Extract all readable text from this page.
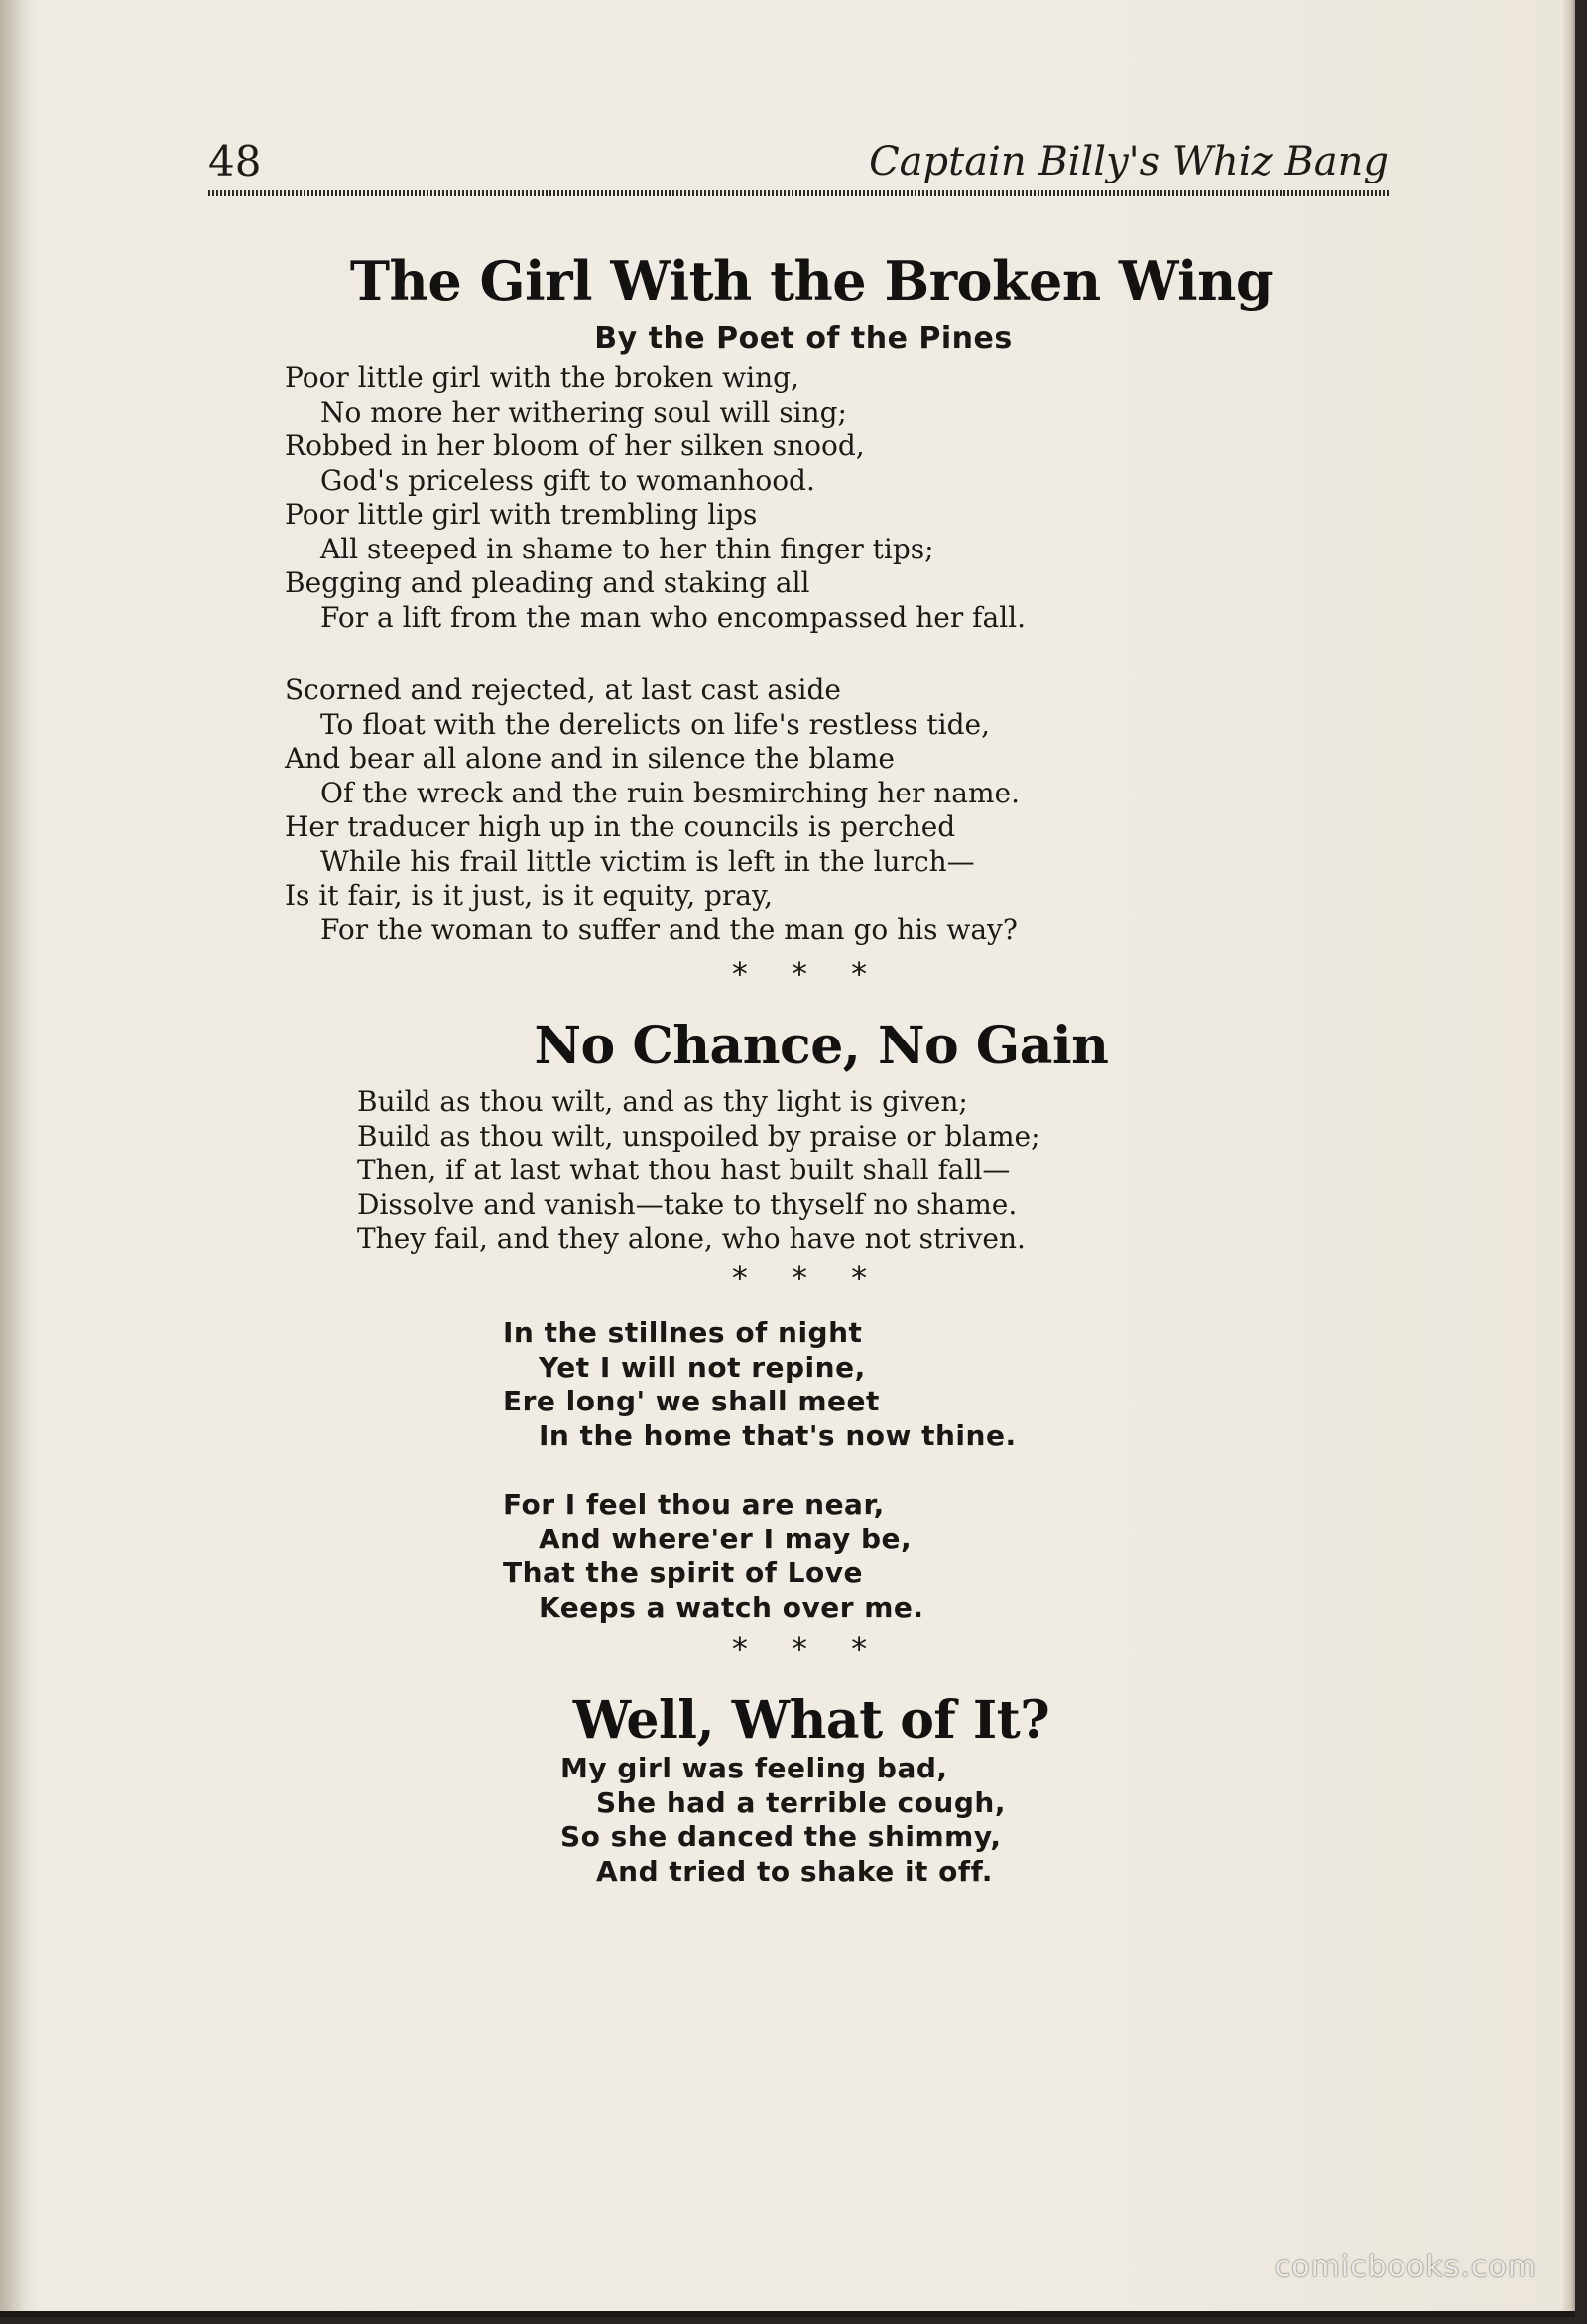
48	Captain Billy's Whiz Bang
The Girl With the Broken Wing
By the Poet of the Pines
Poor little girl with the broken wing,
No more her withering soul will sing;
Robbed in her bloom of her silken snood,
God's priceless gift to womanhood.
Poor little girl with trembling lips
All steeped in shame to her thin finger tips;
Begging and pleading and staking all
For a lift from the man who encompassed her fall.
Scorned and rejected, at last cast aside
To float with the derelicts on life's restless tide,
And bear all alone and in silence the blame
Of the wreck and the ruin besmirching her name.
Her traducer high up in the councils is perched
While his frail little victim is left in the lurch—
Is it fair, is it just, is it equity, pray,
For the woman to suffer and the man go his way?
* * *
No Chance, No Gain
Build as thou wilt, and as thy light is given;
Build as thou wilt, unspoiled by praise or blame;
Then, if at last what thou hast built shall fall—
Dissolve and vanish—take to thyself no shame.
They fail, and they alone, who have not striven.
* * *
In the stillnes of night
Yet I will not repine,
Ere long' we shall meet
In the home that's now thine.
For I feel thou are near,
And where'er I may be,
That the spirit of Love
Keeps a watch over me.
* * *
Well, What of It?
My girl was feeling bad,
She had a terrible cough,
So she danced the shimmy,
And tried to shake it off.
comicbooks.com
